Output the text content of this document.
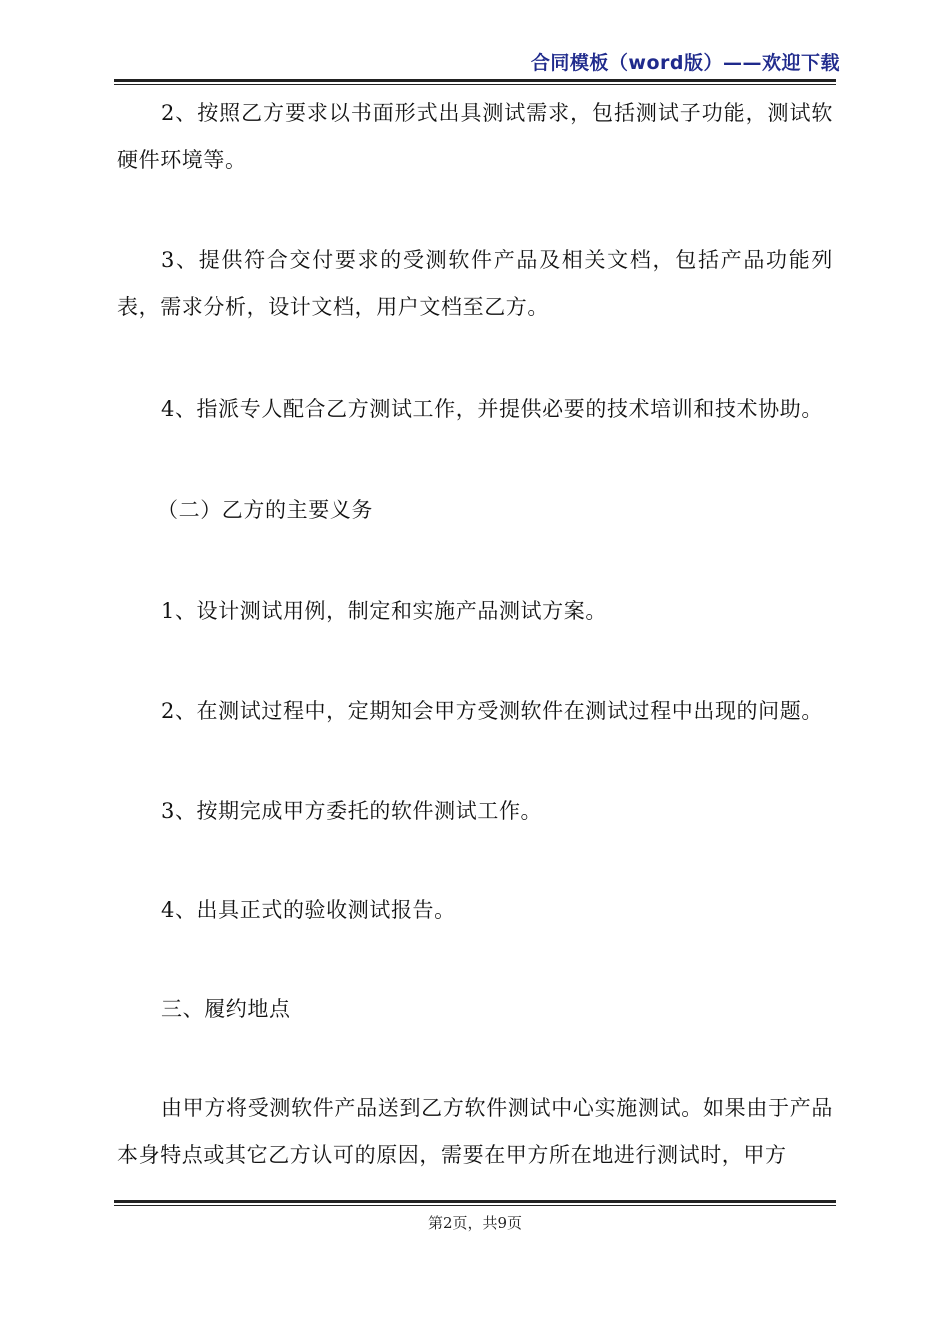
合同模板（word版）——欢迎下载

2、按照乙方要求以书面形式出具测试需求，包括测试子功能，测试软硬件环境等。

3、提供符合交付要求的受测软件产品及相关文档，包括产品功能列表，需求分析，设计文档，用户文档至乙方。

4、指派专人配合乙方测试工作，并提供必要的技术培训和技术协助。

（二）乙方的主要义务

1、设计测试用例，制定和实施产品测试方案。

2、在测试过程中，定期知会甲方受测软件在测试过程中出现的问题。

3、按期完成甲方委托的软件测试工作。

4、出具正式的验收测试报告。

三、履约地点

由甲方将受测软件产品送到乙方软件测试中心实施测试。如果由于产品本身特点或其它乙方认可的原因，需要在甲方所在地进行测试时，甲方

第2页，共9页
